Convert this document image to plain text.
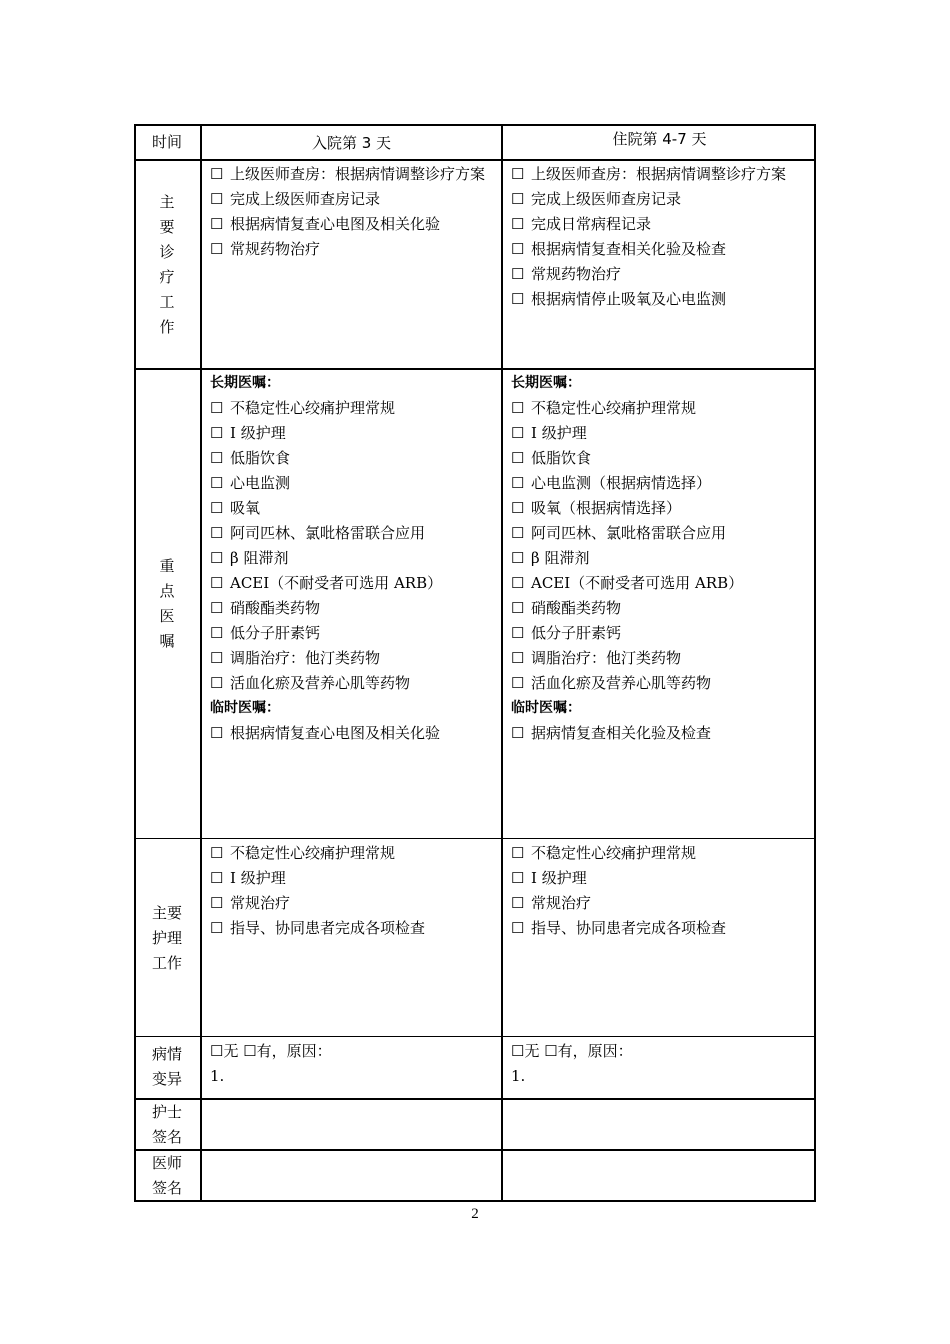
时间	入院第 3 天	住院第 4-7 天
主
要
诊
疗
工
作
重
点
医
嘱
主要
护理
工作
病情
变异
护士
签名
医师
签名
☐ 上级医师查房：根据病情调整诊疗方案
☐ 完成上级医师查房记录
☐ 根据病情复查心电图及相关化验
☐ 常规药物治疗
☐ 上级医师查房：根据病情调整诊疗方案
☐ 完成上级医师查房记录
☐ 完成日常病程记录
☐ 根据病情复查相关化验及检查
☐ 常规药物治疗
☐ 根据病情停止吸氧及心电监测
长期医嘱：
☐ 不稳定性心绞痛护理常规
☐ Ⅰ 级护理
☐ 低脂饮食
☐ 心电监测
☐ 吸氧
☐ 阿司匹林、氯吡格雷联合应用
☐ β 阻滞剂
☐ ACEI（不耐受者可选用 ARB）
☐ 硝酸酯类药物
☐ 低分子肝素钙
☐ 调脂治疗：他汀类药物
☐ 活血化瘀及营养心肌等药物
临时医嘱：
☐ 根据病情复查心电图及相关化验
长期医嘱：
☐ 不稳定性心绞痛护理常规
☐ Ⅰ 级护理
☐ 低脂饮食
☐ 心电监测（根据病情选择）
☐ 吸氧（根据病情选择）
☐ 阿司匹林、氯吡格雷联合应用
☐ β 阻滞剂
☐ ACEI（不耐受者可选用 ARB）
☐ 硝酸酯类药物
☐ 低分子肝素钙
☐ 调脂治疗：他汀类药物
☐ 活血化瘀及营养心肌等药物
临时医嘱：
☐ 据病情复查相关化验及检查
☐ 不稳定性心绞痛护理常规
☐ Ⅰ 级护理
☐ 常规治疗
☐ 指导、协同患者完成各项检查
☐ 不稳定性心绞痛护理常规
☐ Ⅰ 级护理
☐ 常规治疗
☐ 指导、协同患者完成各项检查
☐无 ☐有，原因：
1.
☐无 ☐有，原因：
1.
2
